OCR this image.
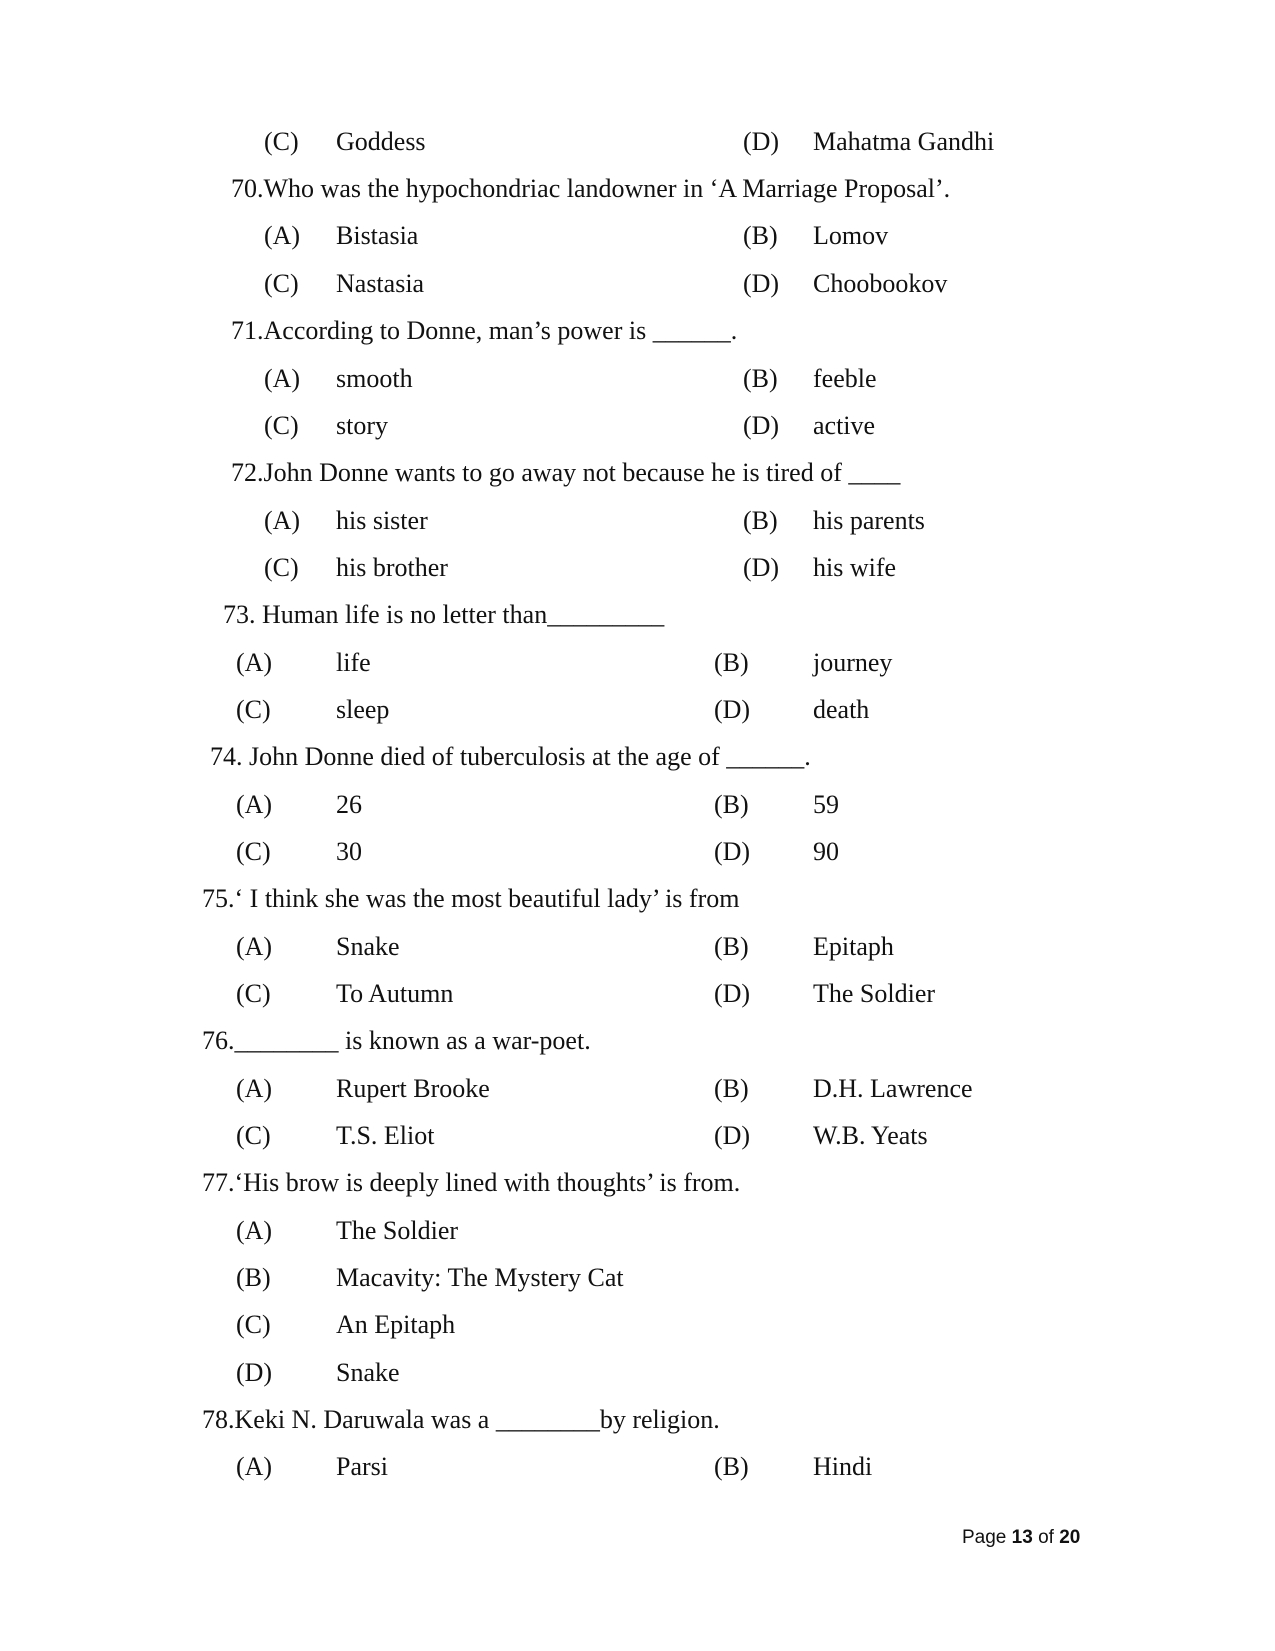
(C) Goddess	(D) Mahatma Gandhi
70.Who was the hypochondriac landowner in ‘A Marriage Proposal’.
(A) Bistasia	(B) Lomov
(C) Nastasia	(D) Choobookov
71.According to Donne, man’s power is ______.
(A) smooth	(B) feeble
(C) story	(D) active
72.John Donne wants to go away not because he is tired of ____
(A) his sister	(B) his parents
(C) his brother	(D) his wife
73. Human life is no letter than_________
(A) life	(B) journey
(C)	sleep	(D) death
74. John Donne died of tuberculosis at the age of ______.
(A) 26	(B) 59
(C)	30	(D) 90
75.‘ I think she was the most beautiful lady’ is from
(A) Snake	(B) Epitaph
(C)	To Autumn	(D) The Soldier
76.________ is known as a war-poet.
(A) Rupert Brooke	(B) D.H. Lawrence
(C)	T.S. Eliot	(D) W.B. Yeats
77.‘His brow is deeply lined with thoughts’ is from.
(A) The Soldier
(B)	Macavity: The Mystery Cat
(C)	An Epitaph
(D) Snake
78.Keki N. Daruwala was a ________by religion.
(A) Parsi	(B) Hindi
Page 13 of 20
